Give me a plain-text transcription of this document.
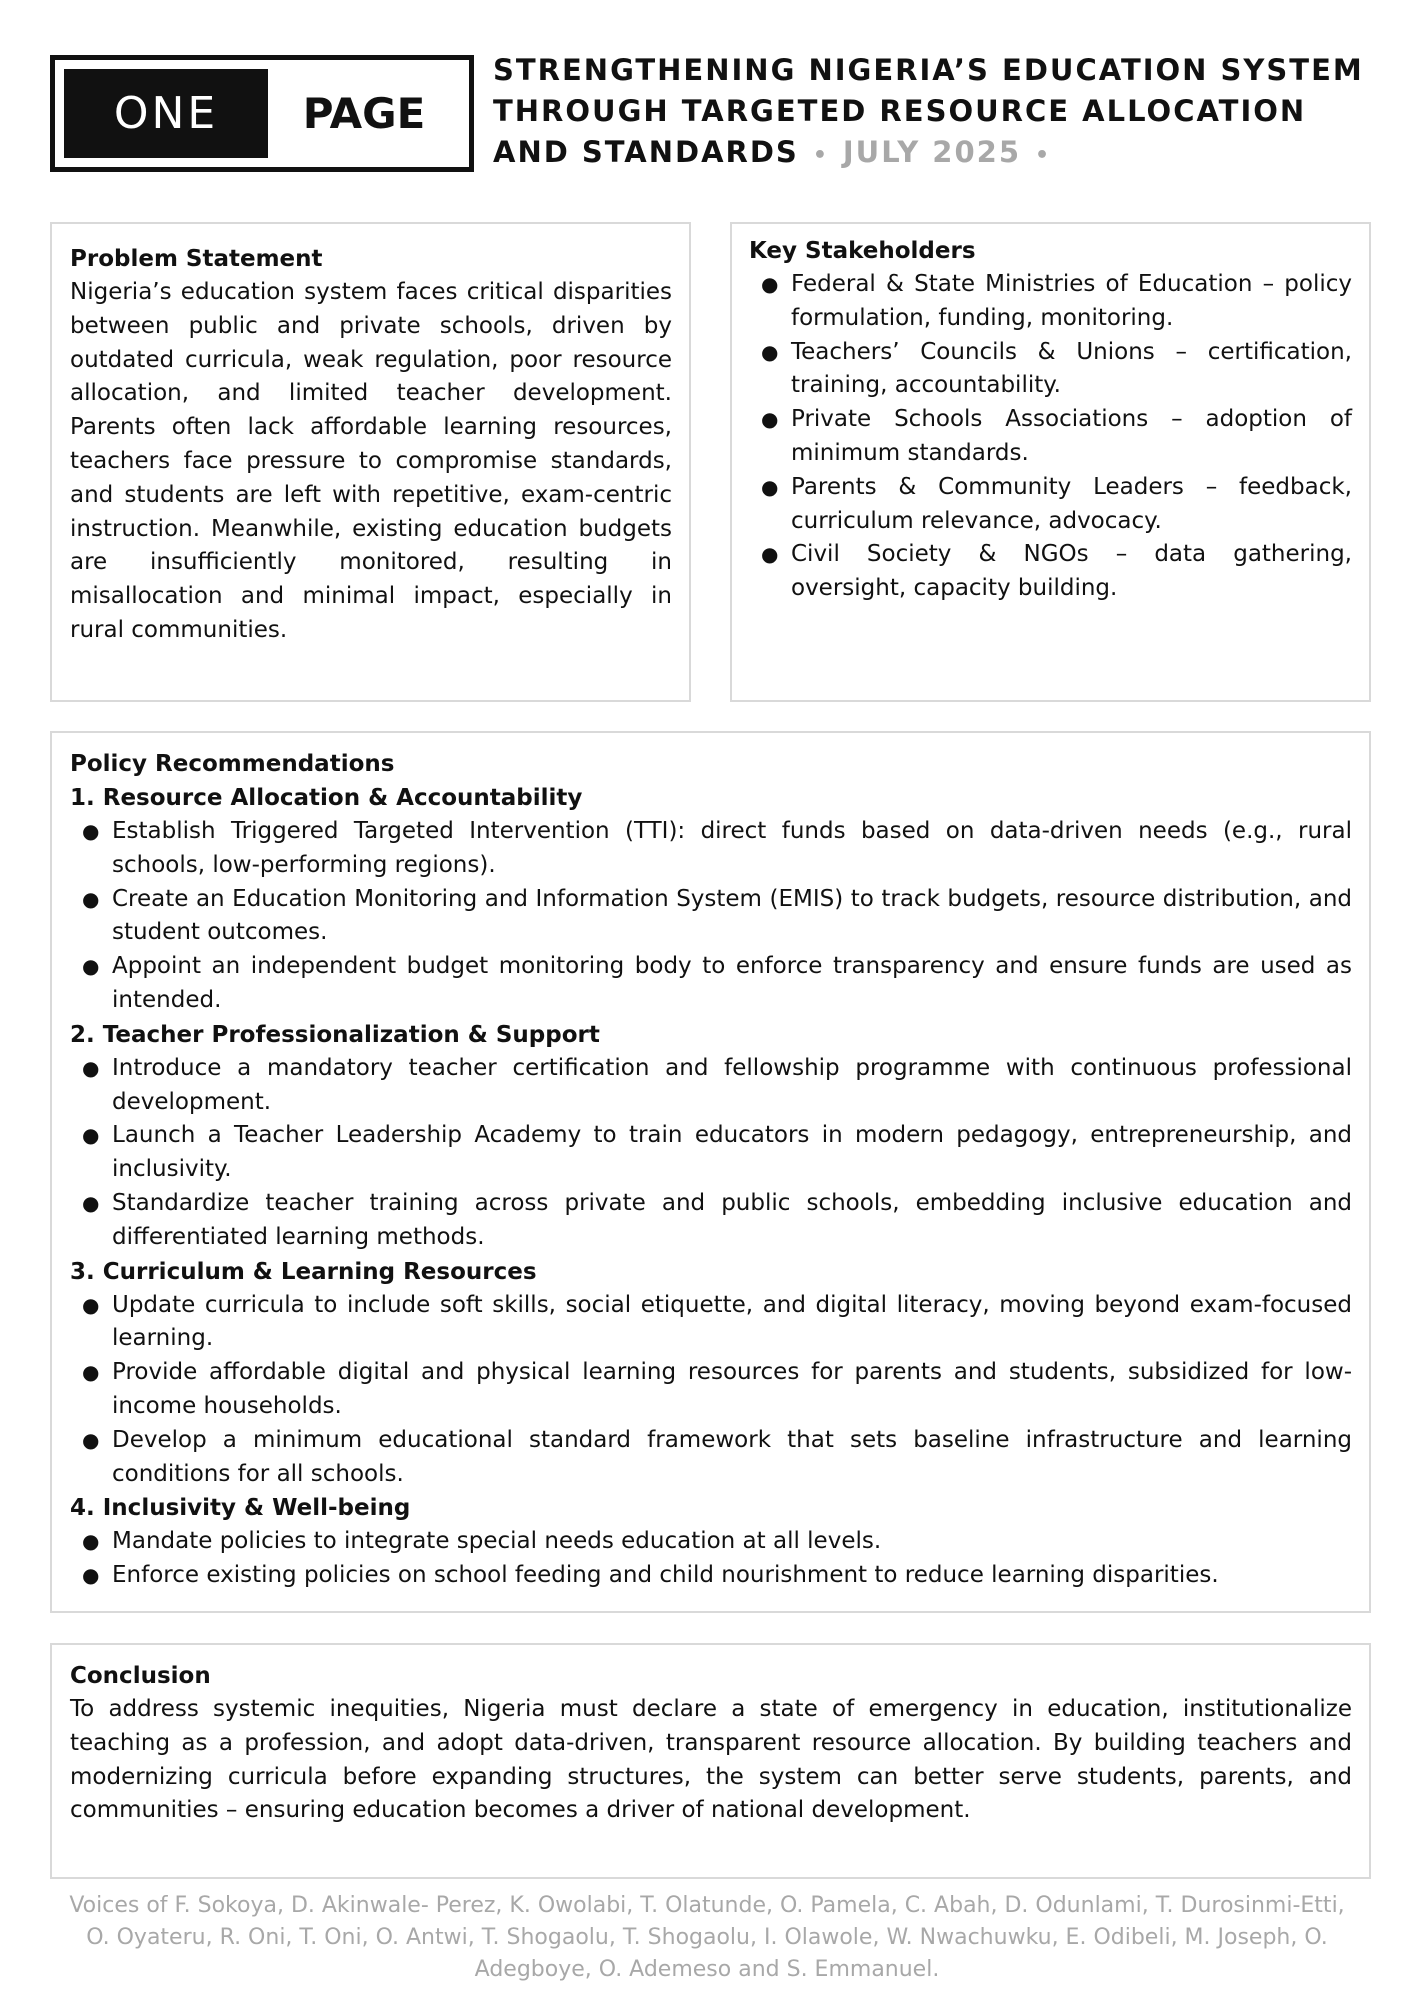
ONE	PAGE
STRENGTHENING NIGERIA’S EDUCATION SYSTEM
THROUGH TARGETED RESOURCE ALLOCATION
AND STANDARDS • JULY 2025 •
Problem Statement
Nigeria’s education system faces critical disparities between public and private schools, driven by outdated curricula, weak regulation, poor resource allocation, and limited teacher development. Parents often lack affordable learning resources, teachers face pressure to compromise standards, and students are left with repetitive, exam-centric instruction. Meanwhile, existing education budgets are insufficiently monitored, resulting in misallocation and minimal impact, especially in rural communities.
Key Stakeholders
● Federal & State Ministries of Education – policy formulation, funding, monitoring.
● Teachers’ Councils & Unions – certification, training, accountability.
● Private Schools Associations – adoption of minimum standards.
● Parents & Community Leaders – feedback, curriculum relevance, advocacy.
● Civil Society & NGOs – data gathering, oversight, capacity building.
Policy Recommendations
1. Resource Allocation & Accountability
● Establish Triggered Targeted Intervention (TTI): direct funds based on data-driven needs (e.g., rural schools, low-performing regions).
● Create an Education Monitoring and Information System (EMIS) to track budgets, resource distribution, and student outcomes.
● Appoint an independent budget monitoring body to enforce transparency and ensure funds are used as intended.
2. Teacher Professionalization & Support
● Introduce a mandatory teacher certification and fellowship programme with continuous professional development.
● Launch a Teacher Leadership Academy to train educators in modern pedagogy, entrepreneurship, and inclusivity.
● Standardize teacher training across private and public schools, embedding inclusive education and differentiated learning methods.
3. Curriculum & Learning Resources
● Update curricula to include soft skills, social etiquette, and digital literacy, moving beyond exam-focused learning.
● Provide affordable digital and physical learning resources for parents and students, subsidized for low-income households.
● Develop a minimum educational standard framework that sets baseline infrastructure and learning conditions for all schools.
4. Inclusivity & Well-being
● Mandate policies to integrate special needs education at all levels.
● Enforce existing policies on school feeding and child nourishment to reduce learning disparities.
Conclusion
To address systemic inequities, Nigeria must declare a state of emergency in education, institutionalize teaching as a profession, and adopt data-driven, transparent resource allocation. By building teachers and modernizing curricula before expanding structures, the system can better serve students, parents, and communities – ensuring education becomes a driver of national development.
Voices of F. Sokoya, D. Akinwale- Perez, K. Owolabi, T. Olatunde, O. Pamela, C. Abah, D. Odunlami, T. Durosinmi-Etti, O. Oyateru, R. Oni, T. Oni, O. Antwi, T. Shogaolu, T. Shogaolu, I. Olawole, W. Nwachuwku, E. Odibeli, M. Joseph, O. Adegboye, O. Ademeso and S. Emmanuel.
